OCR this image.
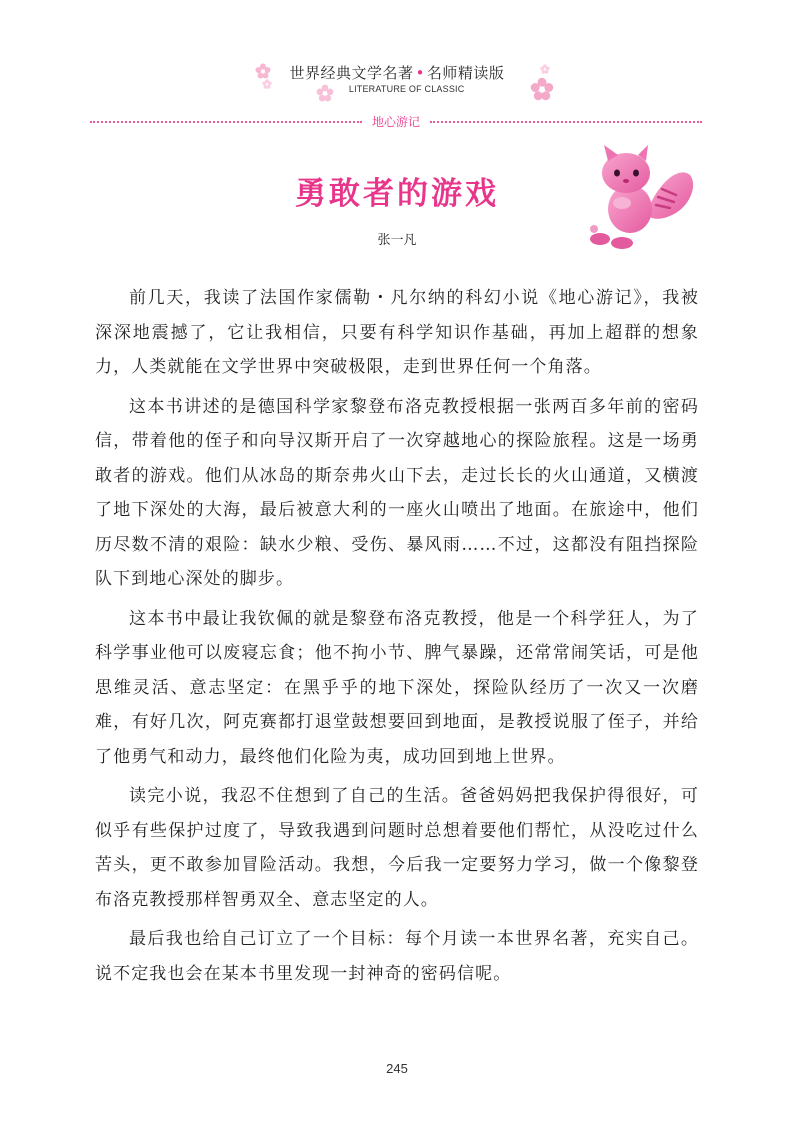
世界经典文学名著 • 名师精读版
LITERATURE OF CLASSIC
地心游记
勇敢者的游戏
张一凡

前几天，我读了法国作家儒勒・凡尔纳的科幻小说《地心游记》，我被深深地震撼了，它让我相信，只要有科学知识作基础，再加上超群的想象力，人类就能在文学世界中突破极限，走到世界任何一个角落。

这本书讲述的是德国科学家黎登布洛克教授根据一张两百多年前的密码信，带着他的侄子和向导汉斯开启了一次穿越地心的探险旅程。这是一场勇敢者的游戏。他们从冰岛的斯奈弗火山下去，走过长长的火山通道，又横渡了地下深处的大海，最后被意大利的一座火山喷出了地面。在旅途中，他们历尽数不清的艰险：缺水少粮、受伤、暴风雨……不过，这都没有阻挡探险队下到地心深处的脚步。

这本书中最让我钦佩的就是黎登布洛克教授，他是一个科学狂人，为了科学事业他可以废寝忘食；他不拘小节、脾气暴躁，还常常闹笑话，可是他思维灵活、意志坚定：在黑乎乎的地下深处，探险队经历了一次又一次磨难，有好几次，阿克赛都打退堂鼓想要回到地面，是教授说服了侄子，并给了他勇气和动力，最终他们化险为夷，成功回到地上世界。

读完小说，我忍不住想到了自己的生活。爸爸妈妈把我保护得很好，可似乎有些保护过度了，导致我遇到问题时总想着要他们帮忙，从没吃过什么苦头，更不敢参加冒险活动。我想，今后我一定要努力学习，做一个像黎登布洛克教授那样智勇双全、意志坚定的人。

最后我也给自己订立了一个目标：每个月读一本世界名著，充实自己。说不定我也会在某本书里发现一封神奇的密码信呢。

245
